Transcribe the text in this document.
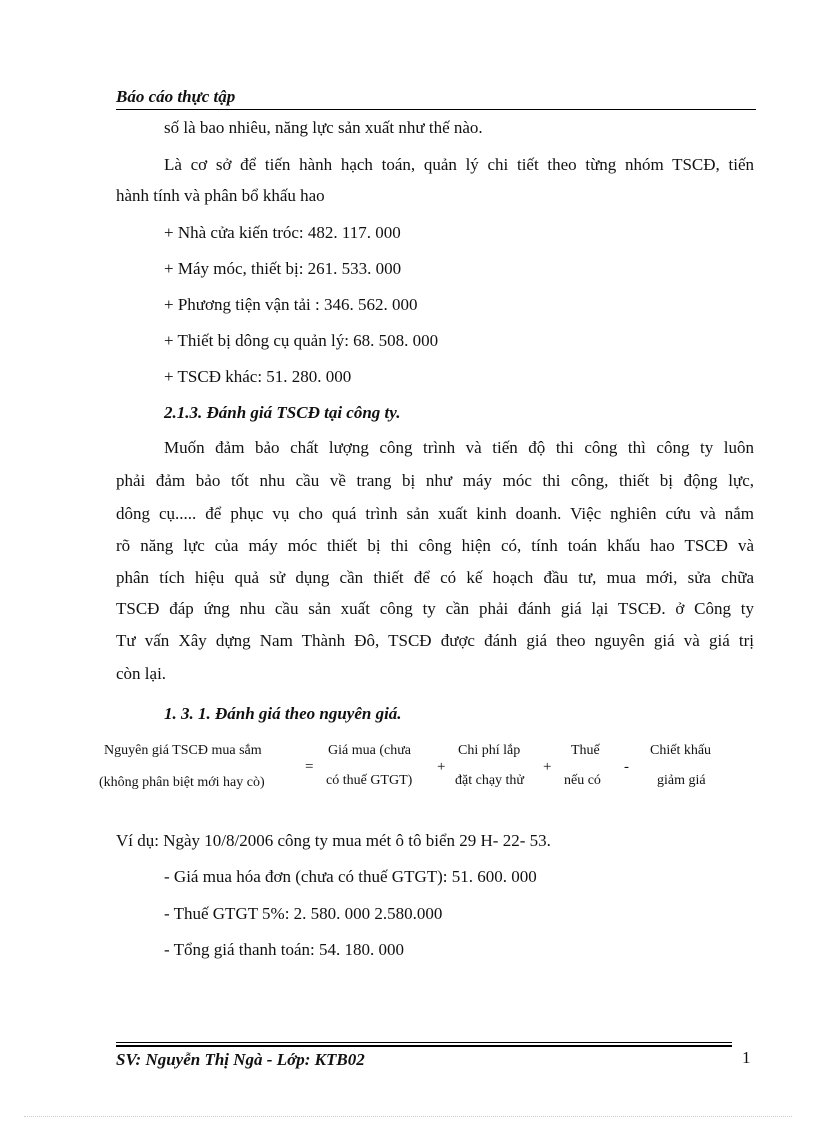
Báo cáo thực tập
số là bao nhiêu, năng lực sản xuất như thế nào.
Là cơ sở để tiến hành hạch toán, quản lý chi tiết theo từng nhóm TSCĐ, tiến
hành tính và phân bổ khấu hao
+ Nhà cửa kiến tróc: 482. 117. 000
+ Máy móc, thiết bị: 261. 533. 000
+ Phương tiện vận tải : 346. 562. 000
+ Thiết bị dông cụ quản lý: 68. 508. 000
+ TSCĐ khác: 51. 280. 000
2.1.3. Đánh giá TSCĐ tại công ty.
Muốn đảm bảo chất lượng công trình và tiến độ thi công thì công ty luôn
phải đảm bảo tốt nhu cầu về trang bị như máy móc thi công, thiết bị động lực,
dông cụ..... để phục vụ cho quá trình sản xuất kinh doanh. Việc nghiên cứu và nắm
rõ năng lực của máy móc thiết bị thi công hiện có, tính toán khấu hao TSCĐ và
phân tích hiệu quả sử dụng cần thiết để có kế hoạch đầu tư, mua mới, sửa chữa
TSCĐ đáp ứng nhu cầu sản xuất công ty cần phải đánh giá lại TSCĐ. ở Công ty
Tư vấn Xây dựng Nam Thành Đô, TSCĐ được đánh giá theo nguyên giá và giá trị
còn lại.
1. 3. 1. Đánh giá theo nguyên giá.
Nguyên giá TSCĐ mua sắm
(không phân biệt mới hay cò)
=
Giá mua (chưa
có thuế GTGT)
+
Chi phí lắp
đặt chạy thử
+
Thuế
nếu có
-
Chiết khấu
giảm giá
Ví dụ: Ngày 10/8/2006 công ty mua mét ô tô biển 29 H- 22- 53.
- Giá mua hóa đơn (chưa có thuế GTGT): 51. 600. 000
- Thuế GTGT 5%: 2. 580. 000 2.580.000
- Tổng giá thanh toán: 54. 180. 000
SV: Nguyễn Thị Ngà - Lớp: KTB02	1
